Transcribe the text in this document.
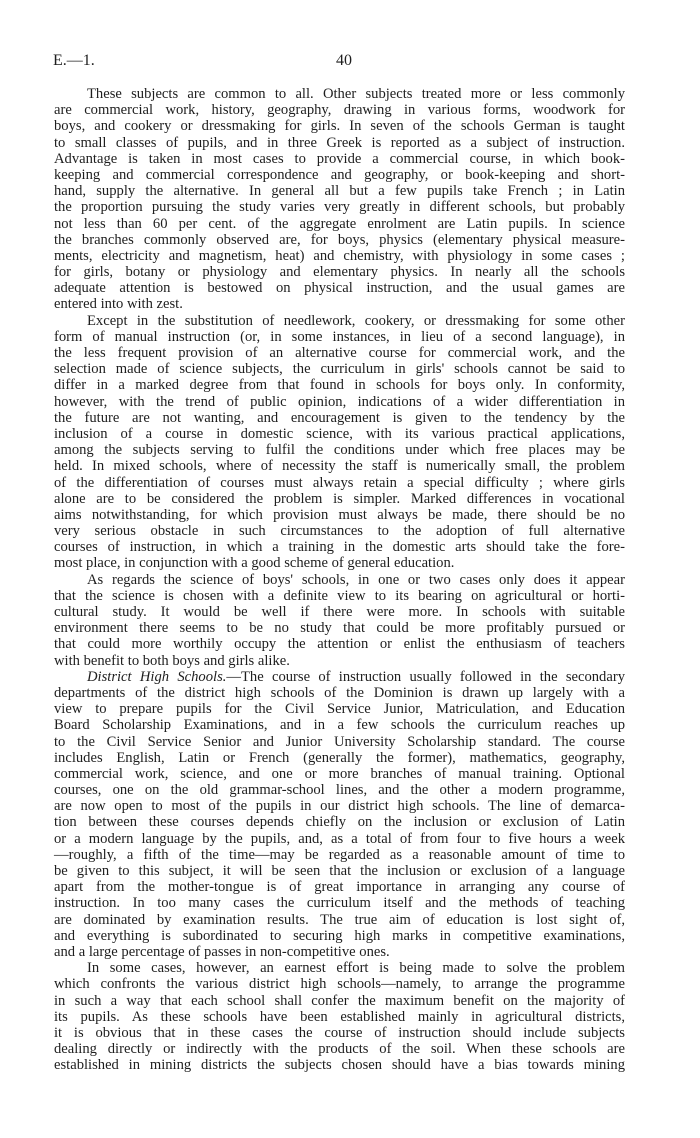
E.—1.	40
These subjects are common to all. Other subjects treated more or less commonly
are commercial work, history, geography, drawing in various forms, woodwork for
boys, and cookery or dressmaking for girls. In seven of the schools German is taught
to small classes of pupils, and in three Greek is reported as a subject of instruction.
Advantage is taken in most cases to provide a commercial course, in which book-
keeping and commercial correspondence and geography, or book-keeping and short-
hand, supply the alternative. In general all but a few pupils take French ; in Latin
the proportion pursuing the study varies very greatly in different schools, but probably
not less than 60 per cent. of the aggregate enrolment are Latin pupils. In science
the branches commonly observed are, for boys, physics (elementary physical measure-
ments, electricity and magnetism, heat) and chemistry, with physiology in some cases ;
for girls, botany or physiology and elementary physics. In nearly all the schools
adequate attention is bestowed on physical instruction, and the usual games are
entered into with zest.
Except in the substitution of needlework, cookery, or dressmaking for some other
form of manual instruction (or, in some instances, in lieu of a second language), in
the less frequent provision of an alternative course for commercial work, and the
selection made of science subjects, the curriculum in girls' schools cannot be said to
differ in a marked degree from that found in schools for boys only. In conformity,
however, with the trend of public opinion, indications of a wider differentiation in
the future are not wanting, and encouragement is given to the tendency by the
inclusion of a course in domestic science, with its various practical applications,
among the subjects serving to fulfil the conditions under which free places may be
held. In mixed schools, where of necessity the staff is numerically small, the problem
of the differentiation of courses must always retain a special difficulty ; where girls
alone are to be considered the problem is simpler. Marked differences in vocational
aims notwithstanding, for which provision must always be made, there should be no
very serious obstacle in such circumstances to the adoption of full alternative
courses of instruction, in which a training in the domestic arts should take the fore-
most place, in conjunction with a good scheme of general education.
As regards the science of boys' schools, in one or two cases only does it appear
that the science is chosen with a definite view to its bearing on agricultural or horti-
cultural study. It would be well if there were more. In schools with suitable
environment there seems to be no study that could be more profitably pursued or
that could more worthily occupy the attention or enlist the enthusiasm of teachers
with benefit to both boys and girls alike.
District High Schools.—The course of instruction usually followed in the secondary
departments of the district high schools of the Dominion is drawn up largely with a
view to prepare pupils for the Civil Service Junior, Matriculation, and Education
Board Scholarship Examinations, and in a few schools the curriculum reaches up
to the Civil Service Senior and Junior University Scholarship standard. The course
includes English, Latin or French (generally the former), mathematics, geography,
commercial work, science, and one or more branches of manual training. Optional
courses, one on the old grammar-school lines, and the other a modern programme,
are now open to most of the pupils in our district high schools. The line of demarca-
tion between these courses depends chiefly on the inclusion or exclusion of Latin
or a modern language by the pupils, and, as a total of from four to five hours a week
—roughly, a fifth of the time—may be regarded as a reasonable amount of time to
be given to this subject, it will be seen that the inclusion or exclusion of a language
apart from the mother-tongue is of great importance in arranging any course of
instruction. In too many cases the curriculum itself and the methods of teaching
are dominated by examination results. The true aim of education is lost sight of,
and everything is subordinated to securing high marks in competitive examinations,
and a large percentage of passes in non-competitive ones.
In some cases, however, an earnest effort is being made to solve the problem
which confronts the various district high schools—namely, to arrange the programme
in such a way that each school shall confer the maximum benefit on the majority of
its pupils. As these schools have been established mainly in agricultural districts,
it is obvious that in these cases the course of instruction should include subjects
dealing directly or indirectly with the products of the soil. When these schools are
established in mining districts the subjects chosen should have a bias towards mining
